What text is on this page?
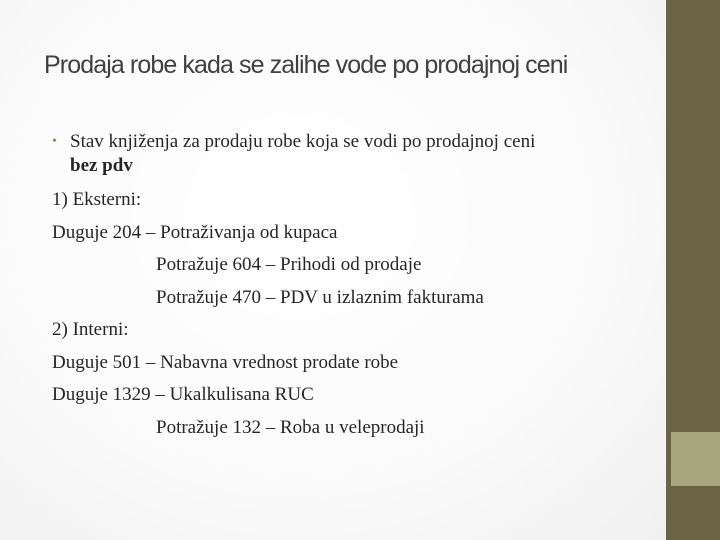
Prodaja robe kada se zalihe vode po prodajnoj ceni
• Stav knjiženja za prodaju robe koja se vodi po prodajnoj ceni
bez pdv
1) Eksterni:
Duguje 204 – Potraživanja od kupaca
Potražuje 604 – Prihodi od prodaje
Potražuje 470 – PDV u izlaznim fakturama
2) Interni:
Duguje 501 – Nabavna vrednost prodate robe
Duguje 1329 – Ukalkulisana RUC
Potražuje 132 – Roba u veleprodaji
